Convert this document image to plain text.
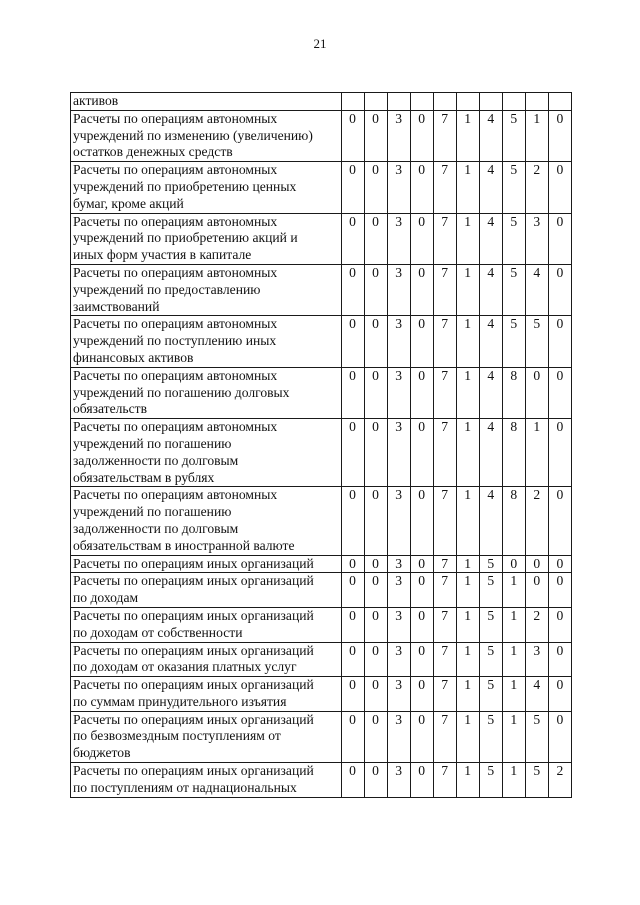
21
активов										
Расчеты по операциям автономных
учреждений по изменению (увеличению)
остатков денежных средств	0	0	3	0	7	1	4	5	1	0
Расчеты по операциям автономных
учреждений по приобретению ценных
бумаг, кроме акций	0	0	3	0	7	1	4	5	2	0
Расчеты по операциям автономных
учреждений по приобретению акций и
иных форм участия в капитале	0	0	3	0	7	1	4	5	3	0
Расчеты по операциям автономных
учреждений по предоставлению
заимствований	0	0	3	0	7	1	4	5	4	0
Расчеты по операциям автономных
учреждений по поступлению иных
финансовых активов	0	0	3	0	7	1	4	5	5	0
Расчеты по операциям автономных
учреждений по погашению долговых
обязательств	0	0	3	0	7	1	4	8	0	0
Расчеты по операциям автономных
учреждений по погашению
задолженности по долговым
обязательствам в рублях	0	0	3	0	7	1	4	8	1	0
Расчеты по операциям автономных
учреждений по погашению
задолженности по долговым
обязательствам в иностранной валюте	0	0	3	0	7	1	4	8	2	0
Расчеты по операциям иных организаций	0	0	3	0	7	1	5	0	0	0
Расчеты по операциям иных организаций
по доходам	0	0	3	0	7	1	5	1	0	0
Расчеты по операциям иных организаций
по доходам от собственности	0	0	3	0	7	1	5	1	2	0
Расчеты по операциям иных организаций
по доходам от оказания платных услуг	0	0	3	0	7	1	5	1	3	0
Расчеты по операциям иных организаций
по суммам принудительного изъятия	0	0	3	0	7	1	5	1	4	0
Расчеты по операциям иных организаций
по безвозмездным поступлениям от
бюджетов	0	0	3	0	7	1	5	1	5	0
Расчеты по операциям иных организаций
по поступлениям от наднациональных	0	0	3	0	7	1	5	1	5	2
